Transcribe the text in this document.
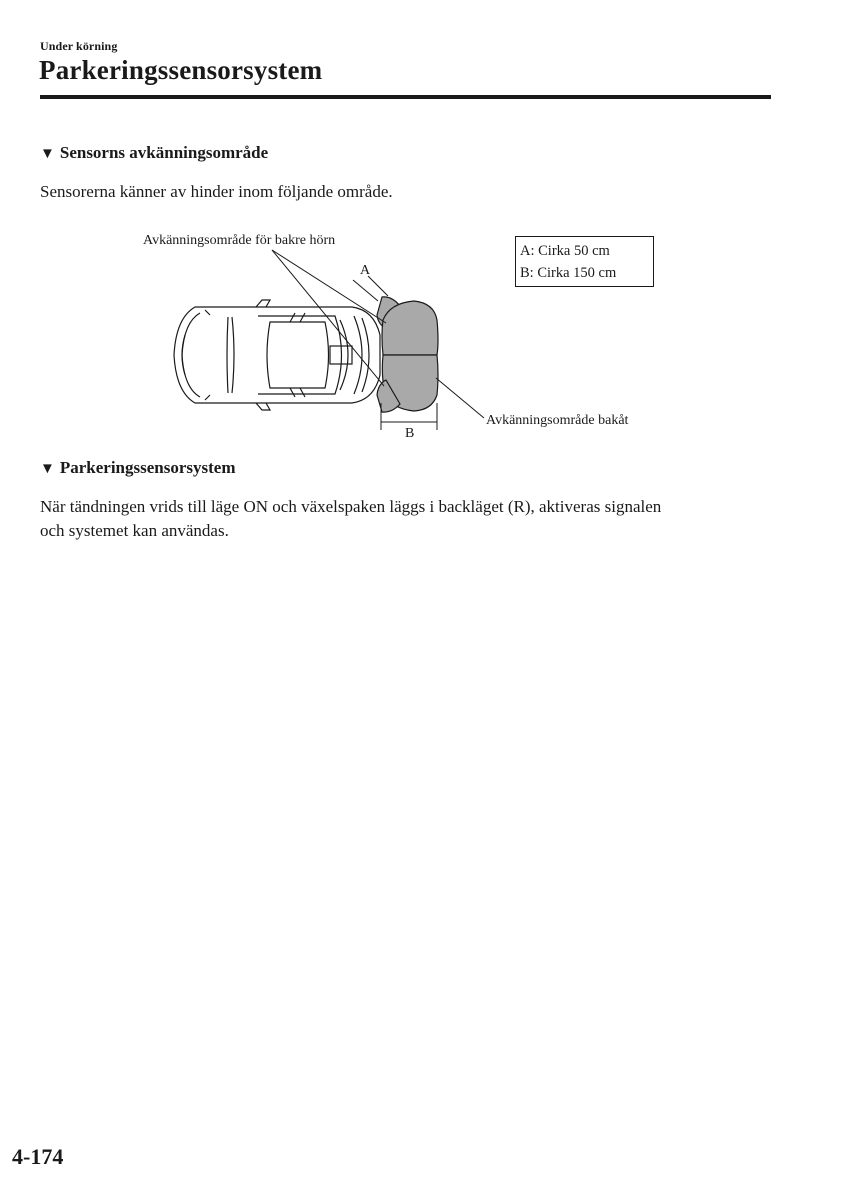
Under körning
Parkeringssensorsystem
▼ Sensorns avkänningsområde

Sensorerna känner av hinder inom följande område.

Avkänningsområde för bakre hörn
A
Avkänningsområde bakåt
B
A: Cirka 50 cm
B: Cirka 150 cm
▼ Parkeringssensorsystem

När tändningen vrids till läge ON och växelspaken läggs i backläget (R), aktiveras signalen
och systemet kan användas.

4-174
